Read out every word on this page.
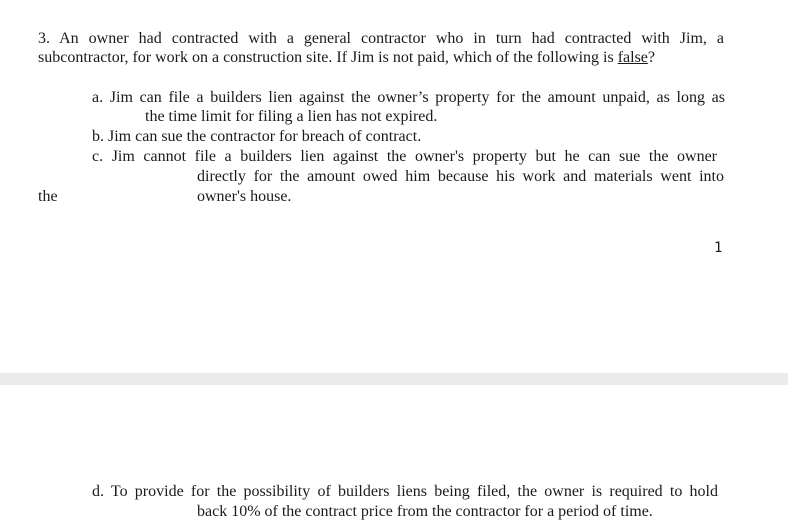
3. An owner had contracted with a general contractor who in turn had contracted with Jim, a
subcontractor, for work on a construction site. If Jim is not paid, which of the following is false?
a. Jim can file a builders lien against the owner’s property for the amount unpaid, as long as
the time limit for filing a lien has not expired.
b. Jim can sue the contractor for breach of contract.
c. Jim cannot file a builders lien against the owner's property but he can sue the owner
directly for the amount owed him because his work and materials went into
the	owner's house.
1
d. To provide for the possibility of builders liens being filed, the owner is required to hold
back 10% of the contract price from the contractor for a period of time.
